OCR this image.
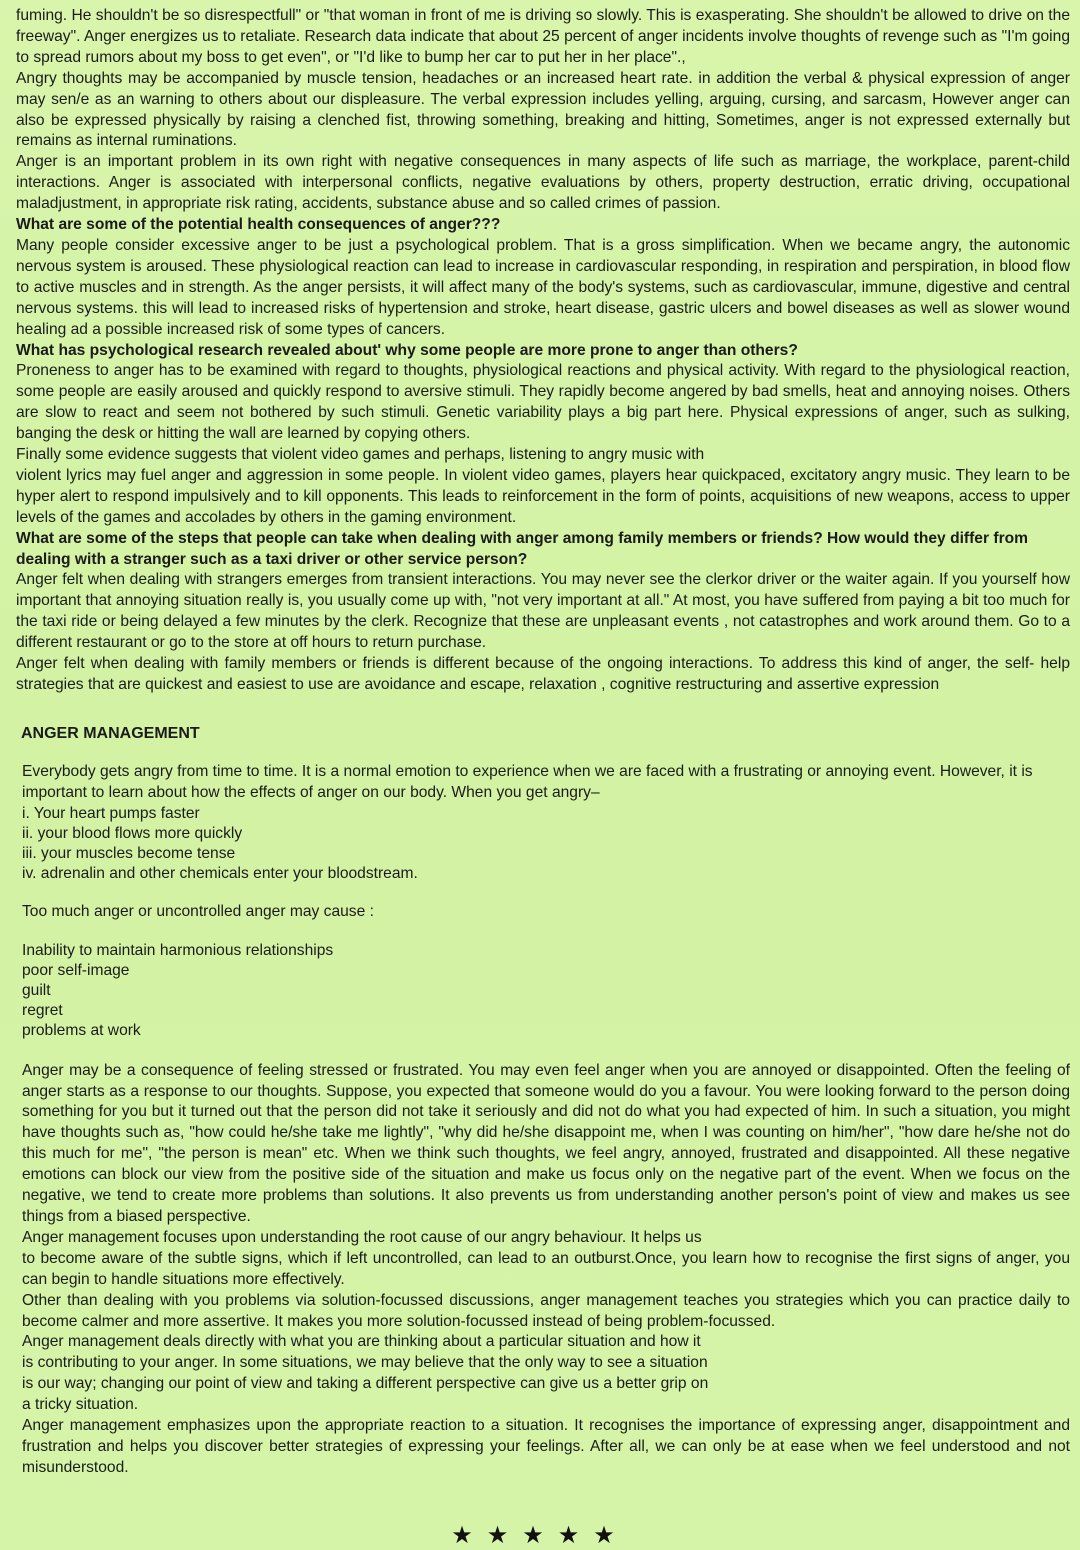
fuming. He shouldn't be so disrespectfull" or "that woman in front of me is driving so slowly. This is exasperating. She shouldn't be allowed to drive on the freeway". Anger energizes us to retaliate. Research data indicate that about 25 percent of anger incidents involve thoughts of revenge such as "I'm going to spread rumors about my boss to get even", or "I'd like to bump her car to put her in her place".,

Angry thoughts may be accompanied by muscle tension, headaches or an increased heart rate. in addition the verbal & physical expression of anger may sen/e as an warning to others about our displeasure. The verbal expression includes yelling, arguing, cursing, and sarcasm, However anger can also be expressed physically by raising a clenched fist, throwing something, breaking and hitting, Sometimes, anger is not expressed externally but remains as internal ruminations.

Anger is an important problem in its own right with negative consequences in many aspects of life such as marriage, the workplace, parent-child interactions. Anger is associated with interpersonal conflicts, negative evaluations by others, property destruction, erratic driving, occupational maladjustment, in appropriate risk rating, accidents, substance abuse and so called crimes of passion.

What are some of the potential health consequences of anger???

Many people consider excessive anger to be just a psychological problem. That is a gross simplification. When we became angry, the autonomic nervous system is aroused. These physiological reaction can lead to increase in cardiovascular responding, in respiration and perspiration, in blood flow to active muscles and in strength. As the anger persists, it will affect many of the body's systems, such as cardiovascular, immune, digestive and central nervous systems. this will lead to increased risks of hypertension and stroke, heart disease, gastric ulcers and bowel diseases as well as slower wound healing ad a possible increased risk of some types of cancers.

What has psychological research revealed about' why some people are more prone to anger than others?

Proneness to anger has to be examined with regard to thoughts, physiological reactions and physical activity. With regard to the physiological reaction, some people are easily aroused and quickly respond to aversive stimuli. They rapidly become angered by bad smells, heat and annoying noises. Others are slow to react and seem not bothered by such stimuli. Genetic variability plays a big part here. Physical expressions of anger, such as sulking, banging the desk or hitting the wall are learned by copying others.

Finally some evidence suggests that violent video games and perhaps, listening to angry music with

violent lyrics may fuel anger and aggression in some people. In violent video games, players hear quickpaced, excitatory angry music. They learn to be hyper alert to respond impulsively and to kill opponents. This leads to reinforcement in the form of points, acquisitions of new weapons, access to upper levels of the games and accolades by others in the gaming environment.

What are some of the steps that people can take when dealing with anger among family members or friends? How would they differ from dealing with a stranger such as a taxi driver or other service person?

Anger felt when dealing with strangers emerges from transient interactions. You may never see the clerkor driver or the waiter again. If you yourself how important that annoying situation really is, you usually come up with, "not very important at all." At most, you have suffered from paying a bit too much for the taxi ride or being delayed a few minutes by the clerk. Recognize that these are unpleasant events , not catastrophes and work around them. Go to a different restaurant or go to the store at off hours to return purchase.

Anger felt when dealing with family members or friends is different because of the ongoing interactions. To address this kind of anger, the self- help strategies that are quickest and easiest to use are avoidance and escape, relaxation , cognitive restructuring and assertive expression

ANGER MANAGEMENT

Everybody gets angry from time to time. It is a normal emotion to experience when we are faced with a frustrating or annoying event. However, it is important to learn about how the effects of anger on our body. When you get angry–

i. Your heart pumps faster
ii. your blood flows more quickly
iii. your muscles become tense
iv. adrenalin and other chemicals enter your bloodstream.

Too much anger or uncontrolled anger may cause :

Inability to maintain harmonious relationships
poor self-image
guilt
regret
problems at work

Anger may be a consequence of feeling stressed or frustrated. You may even feel anger when you are annoyed or disappointed. Often the feeling of anger starts as a response to our thoughts. Suppose, you expected that someone would do you a favour. You were looking forward to the person doing something for you but it turned out that the person did not take it seriously and did not do what you had expected of him. In such a situation, you might have thoughts such as, "how could he/she take me lightly", "why did he/she disappoint me, when I was counting on him/her", "how dare he/she not do this much for me", "the person is mean" etc. When we think such thoughts, we feel angry, annoyed, frustrated and disappointed. All these negative emotions can block our view from the positive side of the situation and make us focus only on the negative part of the event. When we focus on the negative, we tend to create more problems than solutions. It also prevents us from understanding another person's point of view and makes us see things from a biased perspective.

Anger management focuses upon understanding the root cause of our angry behaviour. It helps us

to become aware of the subtle signs, which if left uncontrolled, can lead to an outburst.Once, you learn how to recognise the first signs of anger, you can begin to handle situations more effectively.

Other than dealing with you problems via solution-focussed discussions, anger management teaches you strategies which you can practice daily to become calmer and more assertive. It makes you more solution-focussed instead of being problem-focussed.

Anger management deals directly with what you are thinking about a particular situation and how it

is contributing to your anger. In some situations, we may believe that the only way to see a situation

is our way; changing our point of view and taking a different perspective can give us a better grip on

a tricky situation.

Anger management emphasizes upon the appropriate reaction to a situation. It recognises the importance of expressing anger, disappointment and frustration and helps you discover better strategies of expressing your feelings. After all, we can only be at ease when we feel understood and not misunderstood.

★★★★★
